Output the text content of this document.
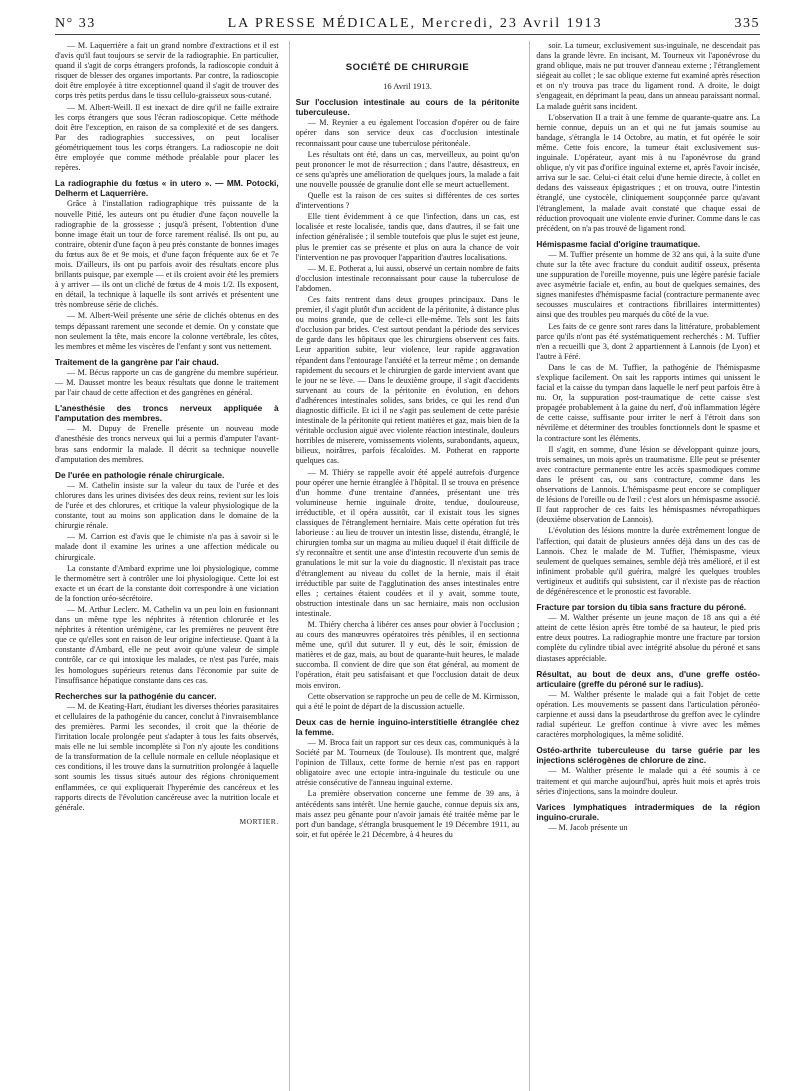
N° 33	LA PRESSE MÉDICALE, Mercredi, 23 Avril 1913	335

— M. Laquerrière a fait un grand nombre d'extractions et il est d'avis qu'il faut toujours se servir de la radiographie. En particulier, quand il s'agit de corps étrangers profonds, la radioscopie conduit à risquer de blesser des organes importants. Par contre, la radioscopie doit être employée à titre exceptionnel quand il s'agit de trouver des corps très petits perdus dans le tissu cellulo-graisseux sous-cutané.

— M. Albert-Weill. Il est inexact de dire qu'il ne faille extraire les corps étrangers que sous l'écran radioscopique. Cette méthode doit être l'exception, en raison de sa complexité et de ses dangers. Par des radiographies successives, on peut localiser géométriquement tous les corps étrangers. La radioscopie ne doit être employée que comme méthode préalable pour placer les repères.

La radiographie du fœtus « in utero ». — MM. Potocki, Delherm et Laquerrière.

Grâce à l'installation radiographique très puissante de la nouvelle Pitié, les auteurs ont pu étudier d'une façon nouvelle la radiographie de la grossesse ; jusqu'à présent, l'obtention d'une bonne image était un tour de force rarement réalisé. Ils ont pu, au contraire, obtenir d'une façon à peu près constante de bonnes images du fœtus aux 8e et 9e mois, et d'une façon fréquente aux 6e et 7e mois. D'ailleurs, ils ont pu parfois avoir des résultats encore plus brillants puisque, par exemple — et ils croient avoir été les premiers à y arriver — ils ont un cliché de fœtus de 4 mois 1/2. Ils exposent, en détail, la technique à laquelle ils sont arrivés et présentent une très nombreuse série de clichés.

— M. Albert-Weil présente une série de clichés obtenus en des temps dépassant rarement une seconde et demie. On y constate que non seulement la tête, mais encore la colonne vertébrale, les côtes, les membres et même les viscères de l'enfant y sont vus nettement.

Traitement de la gangrène par l'air chaud.

— M. Bécus rapporte un cas de gangrène du membre supérieur. — M. Dausset montre les beaux résultats que donne le traitement par l'air chaud de cette affection et des gangrènes en général.

L'anesthésie des troncs nerveux appliquée à l'amputation des membres.

— M. Dupuy de Frenelle présente un nouveau mode d'anesthésie des troncs nerveux qui lui a permis d'amputer l'avant-bras sans endormir la malade. Il décrit sa technique nouvelle d'amputation des membres.

De l'urée en pathologie rénale chirurgicale.

— M. Cathelin insiste sur la valeur du taux de l'urée et des chlorures dans les urines divisées des deux reins, revient sur les lois de l'urée et des chlorures, et critique la valeur physiologique de la constante, tout au moins son application dans le domaine de la chirurgie rénale.

— M. Carrion est d'avis que le chimiste n'a pas à savoir si le malade dont il examine les urines a une affection médicale ou chirurgicale.

La constante d'Ambard exprime une loi physiologique, comme le thermomètre sert à contrôler une loi physiologique. Cette loi est exacte et un écart de la constante doit correspondre à une viciation de la fonction uréo-sécrétoire.

— M. Arthur Leclerc. M. Cathelin va un peu loin en fusionnant dans un même type les néphrites à rétention chlorurée et les néphrites à rétention urémigène, car les premières ne peuvent être que ce qu'elles sont en raison de leur origine infectieuse. Quant à la constante d'Ambard, elle ne peut avoir qu'une valeur de simple contrôle, car ce qui intoxique les malades, ce n'est pas l'urée, mais les homologues supérieurs retenus dans l'économie par suite de l'insuffisance hépatique constante dans ces cas.

Recherches sur la pathogénie du cancer.

— M. de Keating-Hart, étudiant les diverses théories parasitaires et cellulaires de la pathogénie du cancer, conclut à l'invraisemblance des premières. Parmi les secondes, il croit que la théorie de l'irritation locale prolongée peut s'adapter à tous les faits observés, mais elle ne lui semble incomplète si l'on n'y ajoute les conditions de la transformation de la cellule normale en cellule néoplasique et ces conditions, il les trouve dans la surnutrition prolongée à laquelle sont soumis les tissus situés autour des régions chroniquement enflammées, ce qui expliquerait l'hyperémie des cancéreux et les rapports directs de l'évolution cancéreuse avec la nutrition locale et générale.

MORTIER.

SOCIÉTÉ DE CHIRURGIE
16 Avril 1913.

Sur l'occlusion intestinale au cours de la péritonite tuberculeuse.

— M. Reynier a eu également l'occasion d'opérer ou de faire opérer dans son service deux cas d'occlusion intestinale reconnaissant pour cause une tuberculose péritonéale.

Les résultats ont été, dans un cas, merveilleux, au point qu'on peut prononcer le mot de résurrection ; dans l'autre, désastreux, en ce sens qu'après une amélioration de quelques jours, la malade a fait une nouvelle poussée de granulie dont elle se meurt actuellement.

Quelle est la raison de ces suites si différentes de ces sortes d'interventions ?

Elle tient évidemment à ce que l'infection, dans un cas, est localisée et reste localisée, tandis que, dans d'autres, il se fait une infection généralisée ; il semble toutefois que plus le sujet est jeune, plus le premier cas se présente et plus on aura la chance de voir l'intervention ne pas provoquer l'apparition d'autres localisations.

— M. E. Potherat a, lui aussi, observé un certain nombre de faits d'occlusion intestinale reconnaissant pour cause la tuberculose de l'abdomen.

Ces faits rentrent dans deux groupes principaux. Dans le premier, il s'agit plutôt d'un accident de la péritonite, à distance plus ou moins grande, que de celle-ci elle-même. Tels sont les faits d'occlusion par brides. C'est surtout pendant la période des services de garde dans les hôpitaux que les chirurgiens observent ces faits. Leur apparition subite, leur violence, leur rapide aggravation répandent dans l'entourage l'anxiété et la terreur même ; on demande rapidement du secours et le chirurgien de garde intervient avant que le jour ne se lève. — Dans le deuxième groupe, il s'agit d'accidents survenant au cours de la péritonite en évolution, en dehors d'adhérences intestinales solides, sans brides, ce qui les rend d'un diagnostic difficile. Et ici il ne s'agit pas seulement de cette parésie intestinale de la péritonite qui retient matières et gaz, mais bien de la véritable occlusion aiguë avec violente réaction intestinale, douleurs horribles de miserere, vomissements violents, surabondants, aqueux, bilieux, noirâtres, parfois fécaloïdes. M. Potherat en rapporte quelques cas.

— M. Thiéry se rappelle avoir été appelé autrefois d'urgence pour opérer une hernie étranglée à l'hôpital. Il se trouva en présence d'un homme d'une trentaine d'années, présentant une très volumineuse hernie inguinale droite, tendue, douloureuse, irréductible, et il opéra aussitôt, car il existait tous les signes classiques de l'étranglement herniaire. Mais cette opération fut très laborieuse : au lieu de trouver un intestin lisse, distendu, étranglé, le chirurgien tomba sur un magma au milieu duquel il était difficile de s'y reconnaître et sentit une anse d'intestin recouverte d'un semis de granulations le mit sur la voie du diagnostic. Il n'existait pas trace d'étranglement au niveau du collet de la hernie, mais il était irréductible par suite de l'agglutination des anses intestinales entre elles ; certaines étaient coudées et il y avait, somme toute, obstruction intestinale dans un sac herniaire, mais non occlusion intestinale.

M. Thiéry chercha à libérer ces anses pour obvier à l'occlusion ; au cours des manœuvres opératoires très pénibles, il en sectionna même une, qu'il dut suturer. Il y eut, dès le soir, émission de matières et de gaz, mais, au bout de quarante-huit heures, le malade succomba. Il convient de dire que son état général, au moment de l'opération, était peu satisfaisant et que l'occlusion datait de deux mois environ.

Cette observation se rapproche un peu de celle de M. Kirmisson, qui a été le point de départ de la discussion actuelle.

Deux cas de hernie inguino-interstitielle étranglée chez la femme.

— M. Broca fait un rapport sur ces deux cas, communiqués à la Société par M. Tourneux (de Toulouse). Ils montrent que, malgré l'opinion de Tillaux, cette forme de hernie n'est pas en rapport obligatoire avec une ectopie intra-inguinale du testicule ou une atrésie consécutive de l'anneau inguinal externe.

La première observation concerne une femme de 39 ans, à antécédents sans intérêt. Une hernie gauche, connue depuis six ans, mais assez peu gênante pour n'avoir jamais été traitée même par le port d'un bandage, s'étrangla brusquement le 19 Décembre 1911, au soir, et fut opérée le 21 Décembre, à 4 heures du

soir. La tumeur, exclusivement sus-inguinale, ne descendait pas dans la grande lèvre. En incisant, M. Tourneux vit l'aponévrose du grand oblique, mais ne put trouver d'anneau externe ; l'étranglement siégeait au collet ; le sac oblique externe fut examiné après résection et on n'y trouva pas trace du ligament rond. A droite, le doigt s'engageait, en déprimant la peau, dans un anneau paraissant normal. La malade guérit sans incident.

L'observation II a trait à une femme de quarante-quatre ans. La hernie connue, depuis un an et qui ne fut jamais soumise au bandage, s'étrangla le 14 Octobre, au matin, et fut opérée le soir même. Cette fois encore, la tumeur était exclusivement sus-inguinale. L'opérateur, ayant mis à nu l'aponévrose du grand oblique, n'y vit pas d'orifice inguinal externe et, après l'avoir incisée, arriva sur le sac. Celui-ci était celui d'une hernie directe, à collet en dedans des vaisseaux épigastriques ; et on trouva, outre l'intestin étranglé, une cystocèle, cliniquement soupçonnée parce qu'avant l'étranglement, la malade avait constaté que chaque essai de réduction provoquait une violente envie d'uriner. Comme dans le cas précédent, on n'a pas trouvé de ligament rond.

Hémispasme facial d'origine traumatique.

— M. Tuffier présente un homme de 32 ans qui, à la suite d'une chute sur la tête avec fracture du conduit auditif osseux, présenta une suppuration de l'oreille moyenne, puis une légère parésie faciale avec asymétrie faciale et, enfin, au bout de quelques semaines, des signes manifestes d'hémispasme facial (contracture permanente avec secousses musculaires et contractions fibrillaires intermittentes) ainsi que des troubles peu marqués du côté de la vue.

Les faits de ce genre sont rares dans la littérature, probablement parce qu'ils n'ont pas été systématiquement recherchés : M. Tuffier n'en a recueilli que 3, dont 2 appartiennent à Lannois (de Lyon) et l'autre à Féré.

Dans le cas de M. Tuffier, la pathogénie de l'hémispasme s'explique facilement. On sait les rapports intimes qui unissent le facial et la caisse du tympan dans laquelle le nerf peut parfois être à nu. Or, la suppuration post-traumatique de cette caisse s'est propagée probablement à la gaine du nerf, d'où inflammation légère de cette caisse, suffisante pour irriter le nerf à l'étroit dans son névrilème et déterminer des troubles fonctionnels dont le spasme et la contracture sont les éléments.

Il s'agit, en somme, d'une lésion se développant quinze jours, trois semaines, un mois après un traumatisme. Elle peut se présenter avec contracture permanente entre les accès spasmodiques comme dans le présent cas, ou sans contracture, comme dans les observations de Lannois. L'hémispasme peut encore se compliquer de lésions de l'oreille ou de l'œil : c'est alors un hémispasme associé. Il faut rapprocher de ces faits les hémispasmes névropathiques (deuxième observation de Lannois).

L'évolution des lésions montre la durée extrêmement longue de l'affection, qui datait de plusieurs années déjà dans un des cas de Lannois. Chez le malade de M. Tuffier, l'hémispasme, vieux seulement de quelques semaines, semble déjà très amélioré, et il est infiniment probable qu'il guérira, malgré les quelques troubles vertigineux et auditifs qui subsistent, car il n'existe pas de réaction de dégénérescence et le pronostic est favorable.

Fracture par torsion du tibia sans fracture du péroné.

— M. Walther présente un jeune maçon de 18 ans qui a été atteint de cette lésion après être tombé de sa hauteur, le pied pris entre deux poutres. La radiographie montre une fracture par torsion complète du cylindre tibial avec intégrité absolue du péroné et sans diastases appréciable.

Résultat, au bout de deux ans, d'une greffe ostéo-articulaire (greffe du péroné sur le radius).

— M. Walther présente le malade qui a fait l'objet de cette opération. Les mouvements se passent dans l'articulation péronéo-carpienne et aussi dans la pseudarthrose du greffon avec le cylindre radial supérieur. Le greffon continue à vivre avec les mêmes caractères morphologiques, la même solidité.

Ostéo-arthrite tuberculeuse du tarse guérie par les injections sclérogènes de chlorure de zinc.

— M. Walther présente le malade qui a été soumis à ce traitement et qui marche aujourd'hui, après huit mois et après trois séries d'injections, sans la moindre douleur.

Varices lymphatiques intradermiques de la région inguino-crurale.

— M. Jacob présente un
